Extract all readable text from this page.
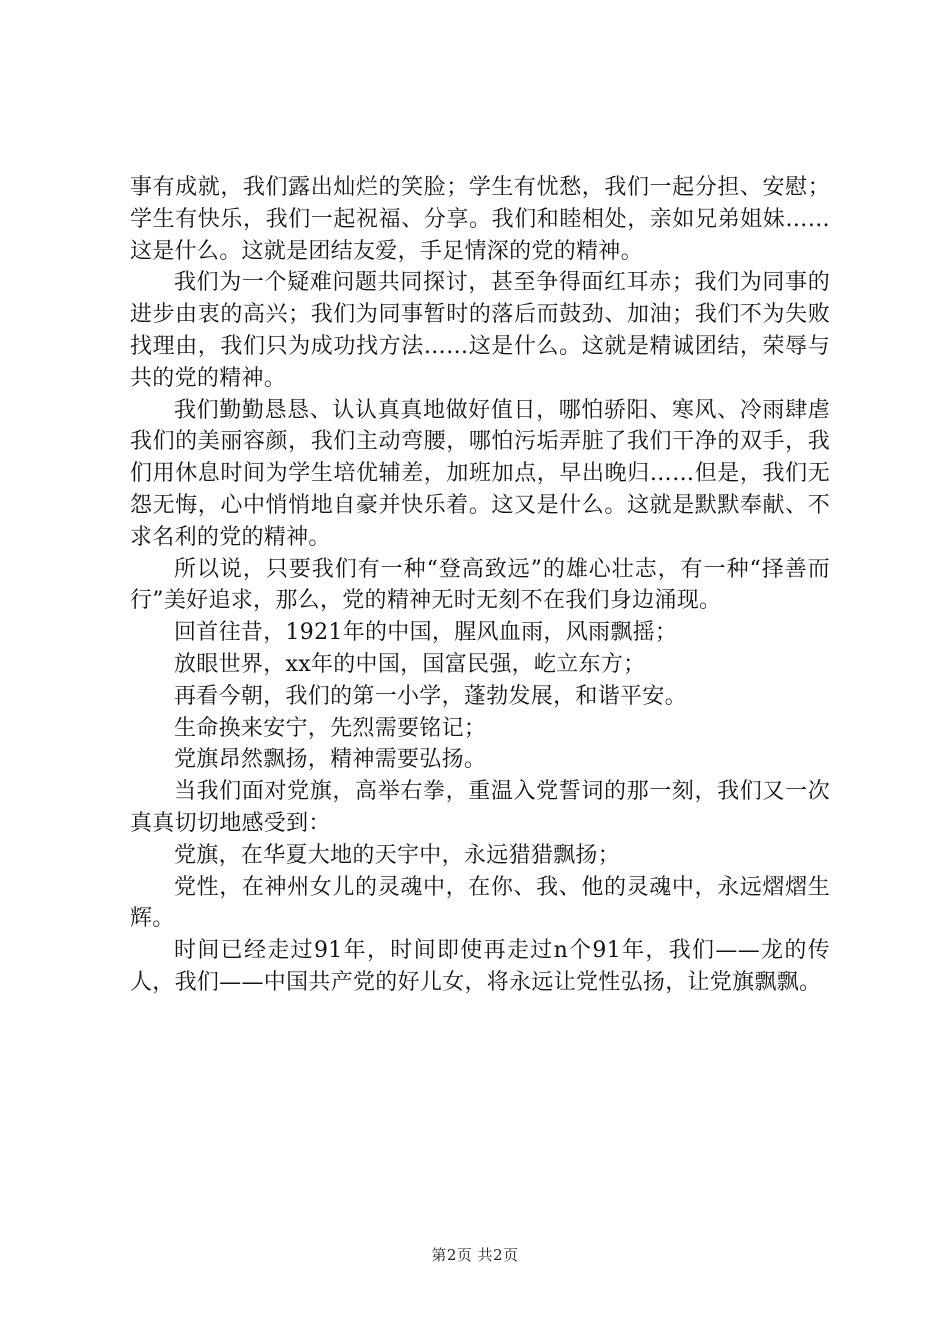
事有成就，我们露出灿烂的笑脸；学生有忧愁，我们一起分担、安慰；学生有快乐，我们一起祝福、分享。我们和睦相处，亲如兄弟姐妹……这是什么。这就是团结友爱，手足情深的党的精神。

我们为一个疑难问题共同探讨，甚至争得面红耳赤；我们为同事的进步由衷的高兴；我们为同事暂时的落后而鼓劲、加油；我们不为失败找理由，我们只为成功找方法……这是什么。这就是精诚团结，荣辱与共的党的精神。

我们勤勤恳恳、认认真真地做好值日，哪怕骄阳、寒风、冷雨肆虐我们的美丽容颜，我们主动弯腰，哪怕污垢弄脏了我们干净的双手，我们用休息时间为学生培优辅差，加班加点，早出晚归……但是，我们无怨无悔，心中悄悄地自豪并快乐着。这又是什么。这就是默默奉献、不求名利的党的精神。

所以说，只要我们有一种“登高致远”的雄心壮志，有一种“择善而行”美好追求，那么，党的精神无时无刻不在我们身边涌现。

回首往昔，1921年的中国，腥风血雨，风雨飘摇；

放眼世界，xx年的中国，国富民强，屹立东方；

再看今朝，我们的第一小学，蓬勃发展，和谐平安。

生命换来安宁，先烈需要铭记；

党旗昂然飘扬，精神需要弘扬。

当我们面对党旗，高举右拳，重温入党誓词的那一刻，我们又一次真真切切地感受到：

党旗，在华夏大地的天宇中，永远猎猎飘扬；

党性，在神州女儿的灵魂中，在你、我、他的灵魂中，永远熠熠生辉。

时间已经走过91年，时间即使再走过n个91年，我们——龙的传人，我们——中国共产党的好儿女，将永远让党性弘扬，让党旗飘飘。

第2页 共2页
